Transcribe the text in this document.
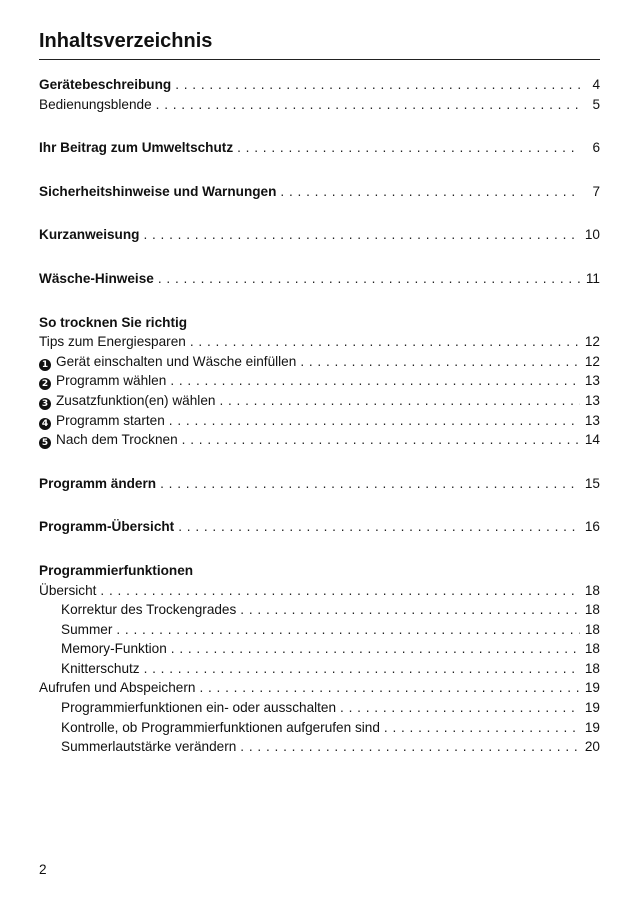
Inhaltsverzeichnis
Gerätebeschreibung . . .	4
Bedienungsblende . . .	5
Ihr Beitrag zum Umweltschutz . . .	6
Sicherheitshinweise und Warnungen . . .	7
Kurzanweisung . . .	10
Wäsche-Hinweise . . .	11
So trocknen Sie richtig
Tips zum Energiesparen . . .	12
1 Gerät einschalten und Wäsche einfüllen . . .	12
2 Programm wählen . . .	13
3 Zusatzfunktion(en) wählen . . .	13
4 Programm starten . . .	13
5 Nach dem Trocknen . . .	14
Programm ändern . . .	15
Programm-Übersicht . . .	16
Programmierfunktionen
Übersicht . . .	18
Korrektur des Trockengrades . . .	18
Summer . . .	18
Memory-Funktion . . .	18
Knitterschutz . . .	18
Aufrufen und Abspeichern . . .	19
Programmierfunktionen ein- oder ausschalten . . .	19
Kontrolle, ob Programmierfunktionen aufgerufen sind . . .	19
Summerlautstärke verändern . . .	20
2
